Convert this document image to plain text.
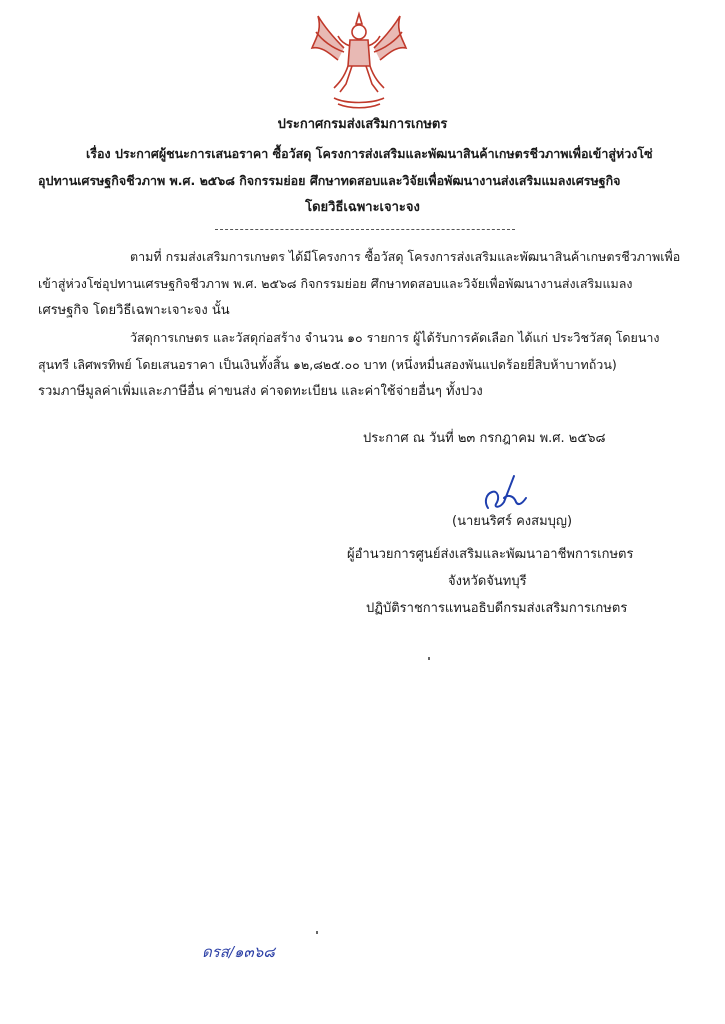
ประกาศกรมส่งเสริมการเกษตร
เรื่อง ประกาศผู้ชนะการเสนอราคา ซื้อวัสดุ โครงการส่งเสริมและพัฒนาสินค้าเกษตรชีวภาพเพื่อเข้าสู่ห่วงโซ่
อุปทานเศรษฐกิจชีวภาพ พ.ศ. ๒๕๖๘ กิจกรรมย่อย ศึกษาทดสอบและวิจัยเพื่อพัฒนางานส่งเสริมแมลงเศรษฐกิจ
โดยวิธีเฉพาะเจาะจง
ตามที่ กรมส่งเสริมการเกษตร ได้มีโครงการ ซื้อวัสดุ โครงการส่งเสริมและพัฒนาสินค้าเกษตรชีวภาพเพื่อ
เข้าสู่ห่วงโซ่อุปทานเศรษฐกิจชีวภาพ พ.ศ. ๒๕๖๘ กิจกรรมย่อย ศึกษาทดสอบและวิจัยเพื่อพัฒนางานส่งเสริมแมลง
เศรษฐกิจ โดยวิธีเฉพาะเจาะจง นั้น
วัสดุการเกษตร และวัสดุก่อสร้าง จำนวน ๑๐ รายการ ผู้ได้รับการคัดเลือก ได้แก่ ประวิชวัสดุ โดยนาง
สุนทรี เลิศพรทิพย์ โดยเสนอราคา เป็นเงินทั้งสิ้น ๑๒,๘๒๕.๐๐ บาท (หนึ่งหมื่นสองพันแปดร้อยยี่สิบห้าบาทถ้วน)
รวมภาษีมูลค่าเพิ่มและภาษีอื่น ค่าขนส่ง ค่าจดทะเบียน และค่าใช้จ่ายอื่นๆ ทั้งปวง
ประกาศ ณ วันที่ ๒๓ กรกฎาคม พ.ศ. ๒๕๖๘
(นายนริศร์ คงสมบุญ)
ผู้อำนวยการศูนย์ส่งเสริมและพัฒนาอาชีพการเกษตร
จังหวัดจันทบุรี
ปฏิบัติราชการแทนอธิบดีกรมส่งเสริมการเกษตร
ดรส/๑๓๖๘
